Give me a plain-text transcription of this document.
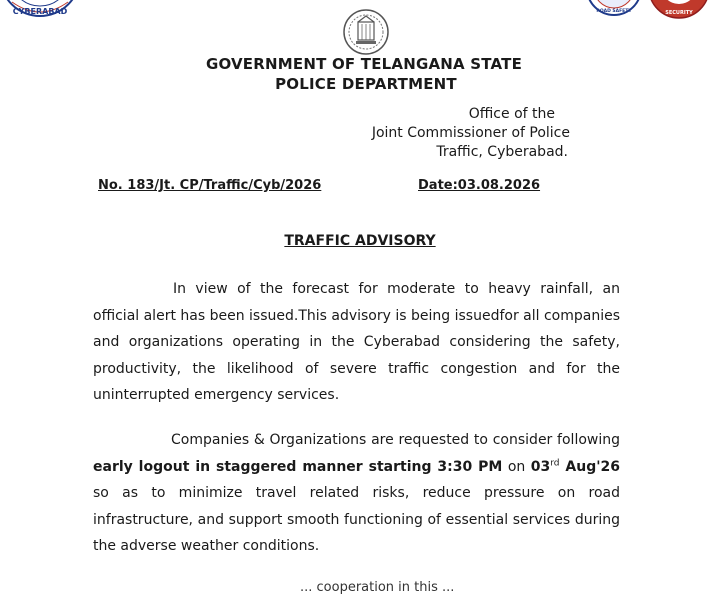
CYBERABAD	ROAD SAFETY	SECURITY
GOVERNMENT OF TELANGANA STATE
POLICE DEPARTMENT
Office of the
Joint Commissioner of Police
Traffic, Cyberabad.
No. 183/Jt. CP/Traffic/Cyb/2026	Date:03.08.2026
TRAFFIC ADVISORY
In view of the forecast for moderate to heavy rainfall, an official alert has been issued.This advisory is being issuedfor all companies and organizations operating in the Cyberabad considering the safety, productivity, the likelihood of severe traffic congestion and for the uninterrupted emergency services.
Companies & Organizations are requested to consider following early logout in staggered manner starting 3:30 PM on 03rd Aug'26 so as to minimize travel related risks, reduce pressure on road infrastructure, and support smooth functioning of essential services during the adverse weather conditions.
... cooperation in this ...
